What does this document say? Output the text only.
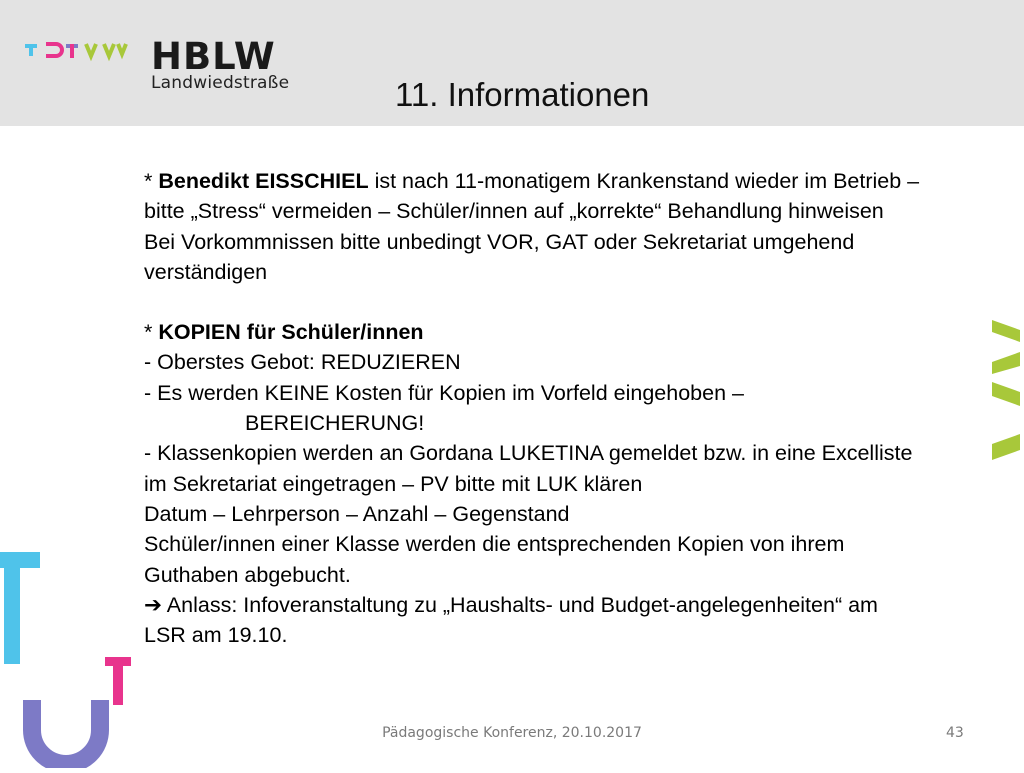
HBLW
Landwiedstraße	11. Informationen

* Benedikt EISSCHIEL ist nach 11-monatigem Krankenstand wieder im Betrieb – bitte „Stress“ vermeiden – Schüler/innen auf „korrekte“ Behandlung hinweisen

Bei Vorkommnissen bitte unbedingt VOR, GAT oder Sekretariat umgehend verständigen

* KOPIEN für Schüler/innen

- Oberstes Gebot: REDUZIEREN

- Es werden KEINE Kosten für Kopien im Vorfeld eingehoben –

BEREICHERUNG!

- Klassenkopien werden an Gordana LUKETINA gemeldet bzw. in eine Excelliste im Sekretariat eingetragen – PV bitte mit LUK klären

Datum – Lehrperson – Anzahl – Gegenstand

Schüler/innen einer Klasse werden die entsprechenden Kopien von ihrem Guthaben abgebucht.

➔ Anlass: Infoveranstaltung zu „Haushalts- und Budget-angelegenheiten“ am LSR am 19.10.

Pädagogische Konferenz, 20.10.2017	43
